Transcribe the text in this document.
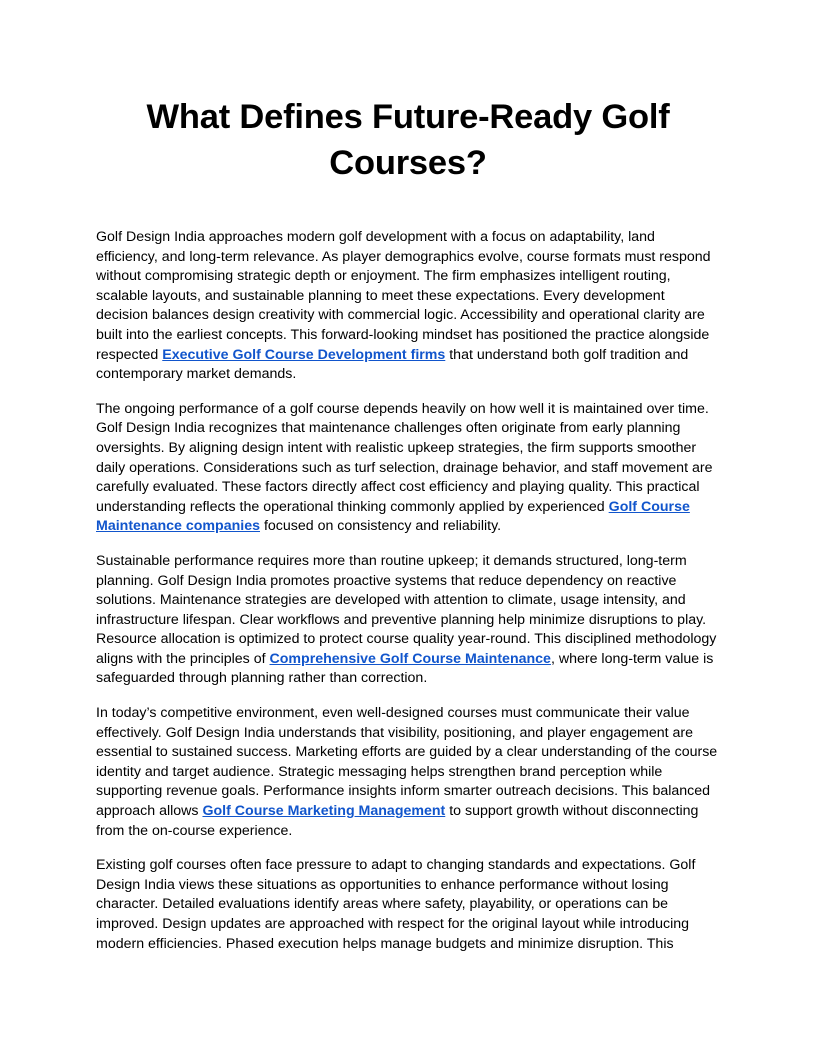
What Defines Future-Ready Golf Courses?

Golf Design India approaches modern golf development with a focus on adaptability, land efficiency, and long-term relevance. As player demographics evolve, course formats must respond without compromising strategic depth or enjoyment. The firm emphasizes intelligent routing, scalable layouts, and sustainable planning to meet these expectations. Every development decision balances design creativity with commercial logic. Accessibility and operational clarity are built into the earliest concepts. This forward-looking mindset has positioned the practice alongside respected Executive Golf Course Development firms that understand both golf tradition and contemporary market demands.

The ongoing performance of a golf course depends heavily on how well it is maintained over time. Golf Design India recognizes that maintenance challenges often originate from early planning oversights. By aligning design intent with realistic upkeep strategies, the firm supports smoother daily operations. Considerations such as turf selection, drainage behavior, and staff movement are carefully evaluated. These factors directly affect cost efficiency and playing quality. This practical understanding reflects the operational thinking commonly applied by experienced Golf Course Maintenance companies focused on consistency and reliability.

Sustainable performance requires more than routine upkeep; it demands structured, long-term planning. Golf Design India promotes proactive systems that reduce dependency on reactive solutions. Maintenance strategies are developed with attention to climate, usage intensity, and infrastructure lifespan. Clear workflows and preventive planning help minimize disruptions to play. Resource allocation is optimized to protect course quality year-round. This disciplined methodology aligns with the principles of Comprehensive Golf Course Maintenance, where long-term value is safeguarded through planning rather than correction.

In today’s competitive environment, even well-designed courses must communicate their value effectively. Golf Design India understands that visibility, positioning, and player engagement are essential to sustained success. Marketing efforts are guided by a clear understanding of the course identity and target audience. Strategic messaging helps strengthen brand perception while supporting revenue goals. Performance insights inform smarter outreach decisions. This balanced approach allows Golf Course Marketing Management to support growth without disconnecting from the on-course experience.

Existing golf courses often face pressure to adapt to changing standards and expectations. Golf Design India views these situations as opportunities to enhance performance without losing character. Detailed evaluations identify areas where safety, playability, or operations can be improved. Design updates are approached with respect for the original layout while introducing modern efficiencies. Phased execution helps manage budgets and minimize disruption. This
